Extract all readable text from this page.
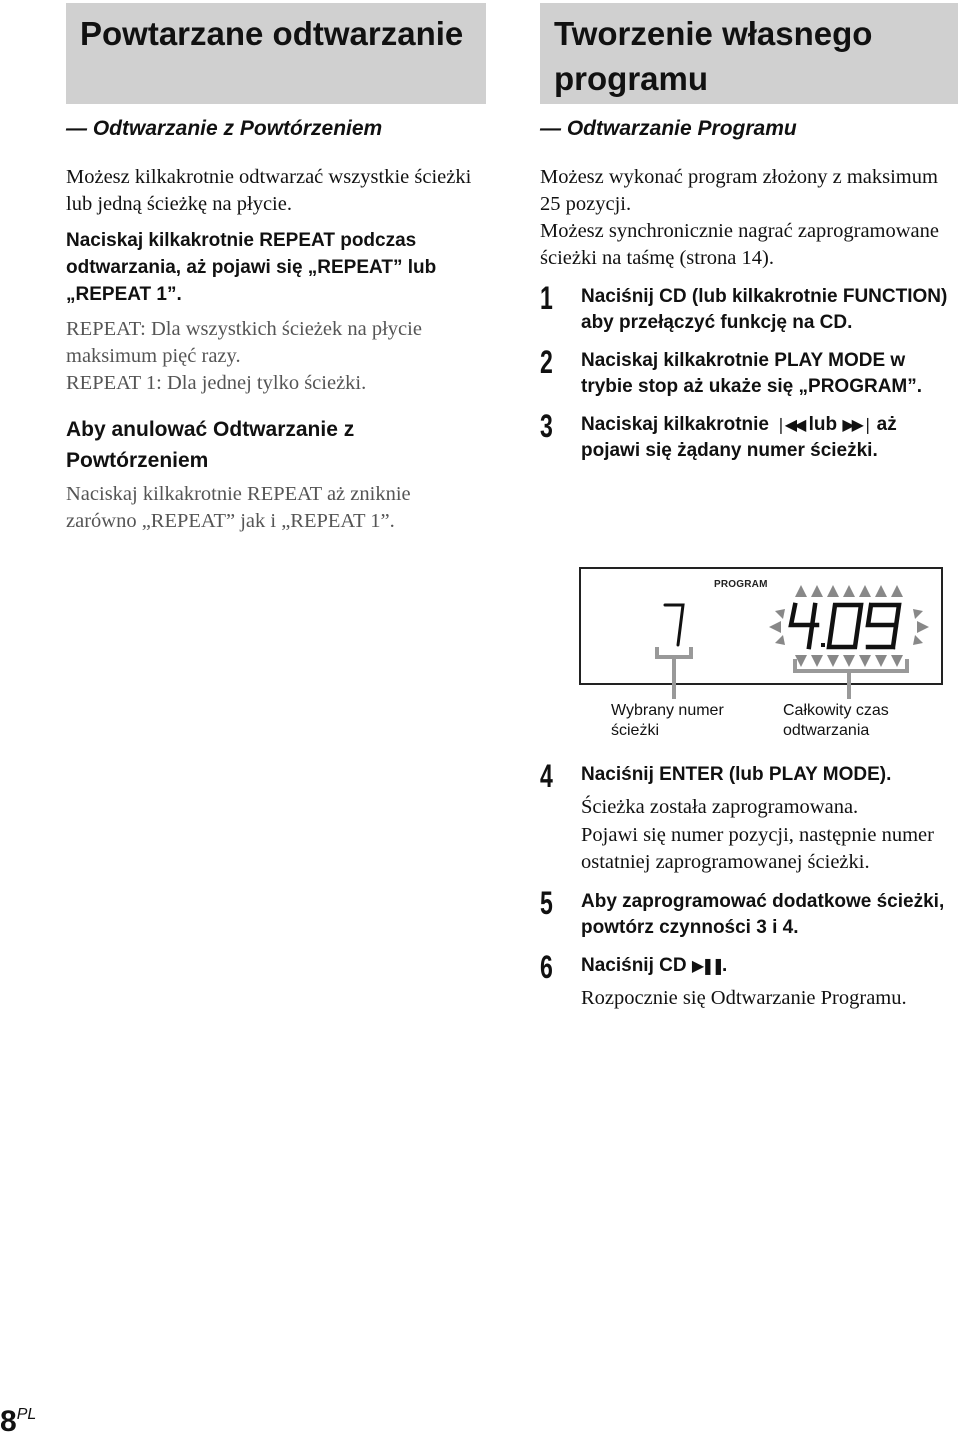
Powtarzane odtwarzanie
— Odtwarzanie z Powtórzeniem

Możesz kilkakrotnie odtwarzać wszystkie ścieżki lub jedną ścieżkę na płycie.

Naciskaj kilkakrotnie REPEAT podczas odtwarzania, aż pojawi się „REPEAT” lub „REPEAT 1”.

REPEAT: Dla wszystkich ścieżek na płycie maksimum pięć razy.

REPEAT 1: Dla jednej tylko ścieżki.

Aby anulować Odtwarzanie z Powtórzeniem

Naciskaj kilkakrotnie REPEAT aż zniknie zarówno „REPEAT” jak i „REPEAT 1”.

Tworzenie własnego programu
— Odtwarzanie Programu

Możesz wykonać program złożony z maksimum 25 pozycji.

Możesz synchronicznie nagrać zaprogramowane ścieżki na taśmę (strona 14).

1 Naciśnij CD (lub kilkakrotnie FUNCTION) aby przełączyć funkcję na CD.
2 Naciskaj kilkakrotnie PLAY MODE w trybie stop aż ukaże się „PROGRAM”.
3 Naciskaj kilkakrotnie ❘◀◀ lub ▶▶❘ aż pojawi się żądany numer ścieżki.
PROGRAM
Wybrany numer
ścieżki
Całkowity czas
odtwarzania
4 Naciśnij ENTER (lub PLAY MODE).
Ścieżka została zaprogramowana.
Pojawi się numer pozycji, następnie numer ostatniej zaprogramowanej ścieżki.
5 Aby zaprogramować dodatkowe ścieżki, powtórz czynności 3 i 4.
6 Naciśnij CD ▶❚❚.
Rozpocznie się Odtwarzanie Programu.
$8^{PL}$
